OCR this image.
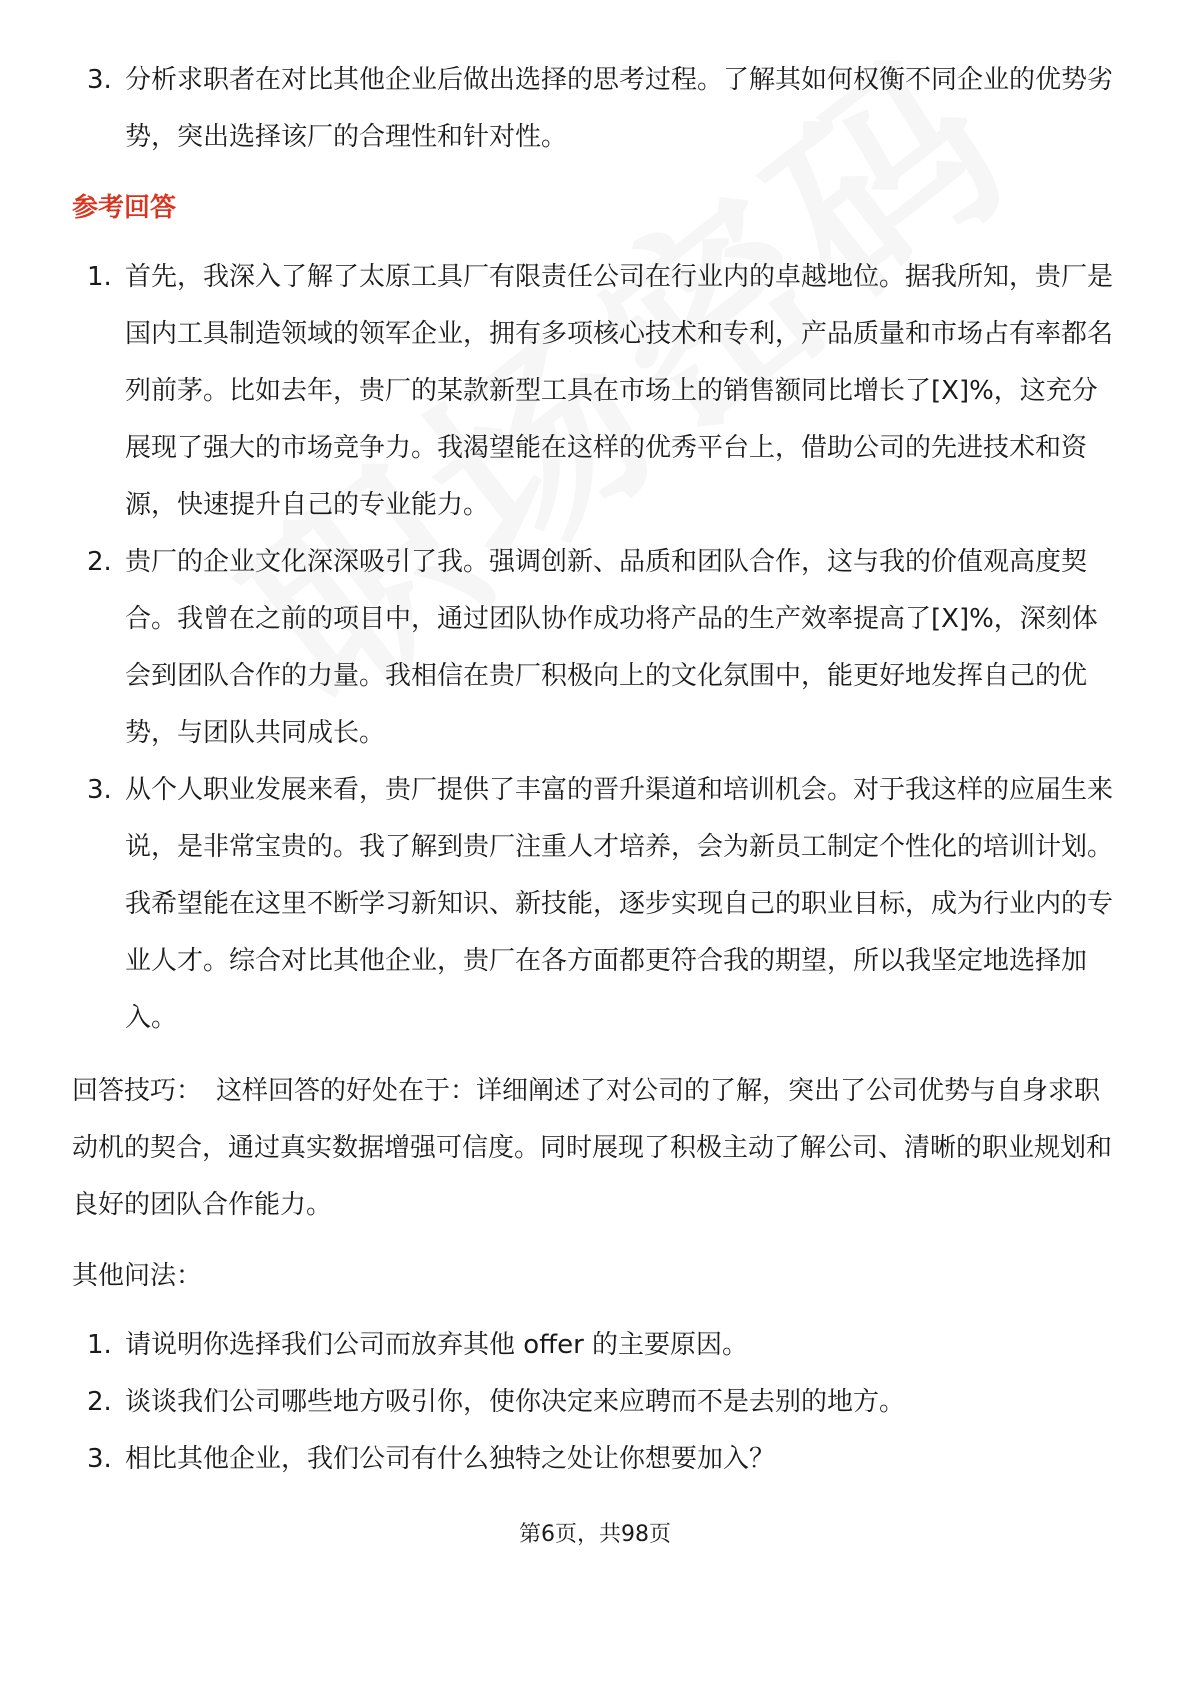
3. 分析求职者在对比其他企业后做出选择的思考过程。了解其如何权衡不同企业的优势劣势，突出选择该厂的合理性和针对性。
参考回答
1. 首先，我深入了解了太原工具厂有限责任公司在行业内的卓越地位。据我所知，贵厂是国内工具制造领域的领军企业，拥有多项核心技术和专利，产品质量和市场占有率都名列前茅。比如去年，贵厂的某款新型工具在市场上的销售额同比增长了[X]%，这充分展现了强大的市场竞争力。我渴望能在这样的优秀平台上，借助公司的先进技术和资源，快速提升自己的专业能力。
2. 贵厂的企业文化深深吸引了我。强调创新、品质和团队合作，这与我的价值观高度契合。我曾在之前的项目中，通过团队协作成功将产品的生产效率提高了[X]%，深刻体会到团队合作的力量。我相信在贵厂积极向上的文化氛围中，能更好地发挥自己的优势，与团队共同成长。
3. 从个人职业发展来看，贵厂提供了丰富的晋升渠道和培训机会。对于我这样的应届生来说，是非常宝贵的。我了解到贵厂注重人才培养，会为新员工制定个性化的培训计划。我希望能在这里不断学习新知识、新技能，逐步实现自己的职业目标，成为行业内的专业人才。综合对比其他企业，贵厂在各方面都更符合我的期望，所以我坚定地选择加入。
回答技巧： 这样回答的好处在于：详细阐述了对公司的了解，突出了公司优势与自身求职动机的契合，通过真实数据增强可信度。同时展现了积极主动了解公司、清晰的职业规划和良好的团队合作能力。
其他问法：
1. 请说明你选择我们公司而放弃其他 offer 的主要原因。
2. 谈谈我们公司哪些地方吸引你，使你决定来应聘而不是去别的地方。
3. 相比其他企业，我们公司有什么独特之处让你想要加入？
第6页，共98页
